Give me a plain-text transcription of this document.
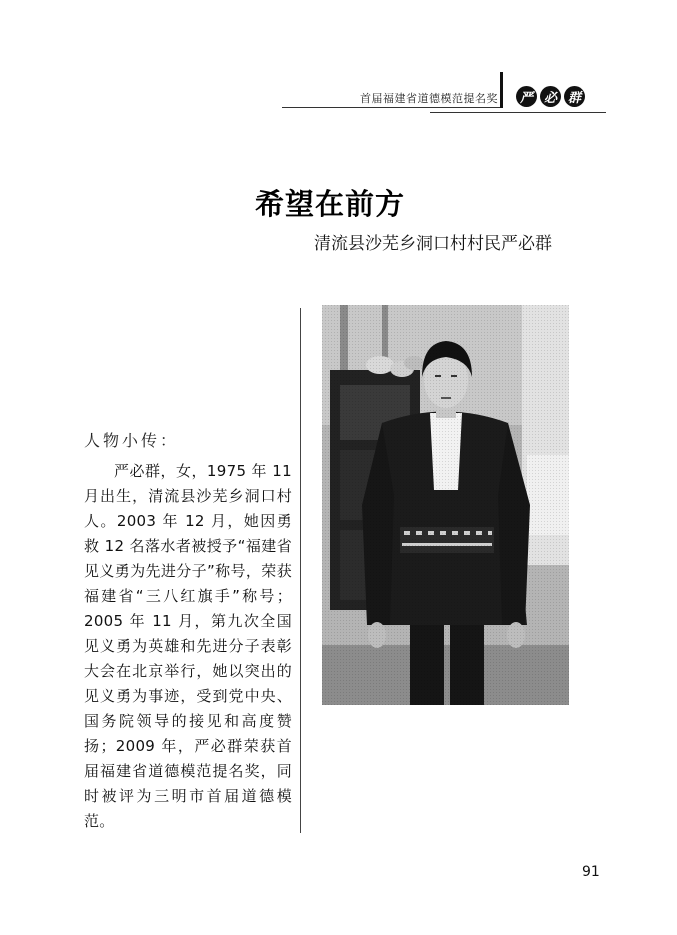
首届福建省道德模范提名奖	严 必 群
希望在前方
清流县沙芜乡洞口村村民严必群
人物小传：
严必群，女，1975 年 11 月出生，清流县沙芜乡洞口村人。2003 年 12 月，她因勇救 12 名落水者被授予“福建省见义勇为先进分子”称号，荣获福建省“三八红旗手”称号；2005 年 11 月，第九次全国见义勇为英雄和先进分子表彰大会在北京举行，她以突出的见义勇为事迹，受到党中央、国务院领导的接见和高度赞扬；2009 年，严必群荣获首届福建省道德模范提名奖，同时被评为三明市首届道德模范。
91
